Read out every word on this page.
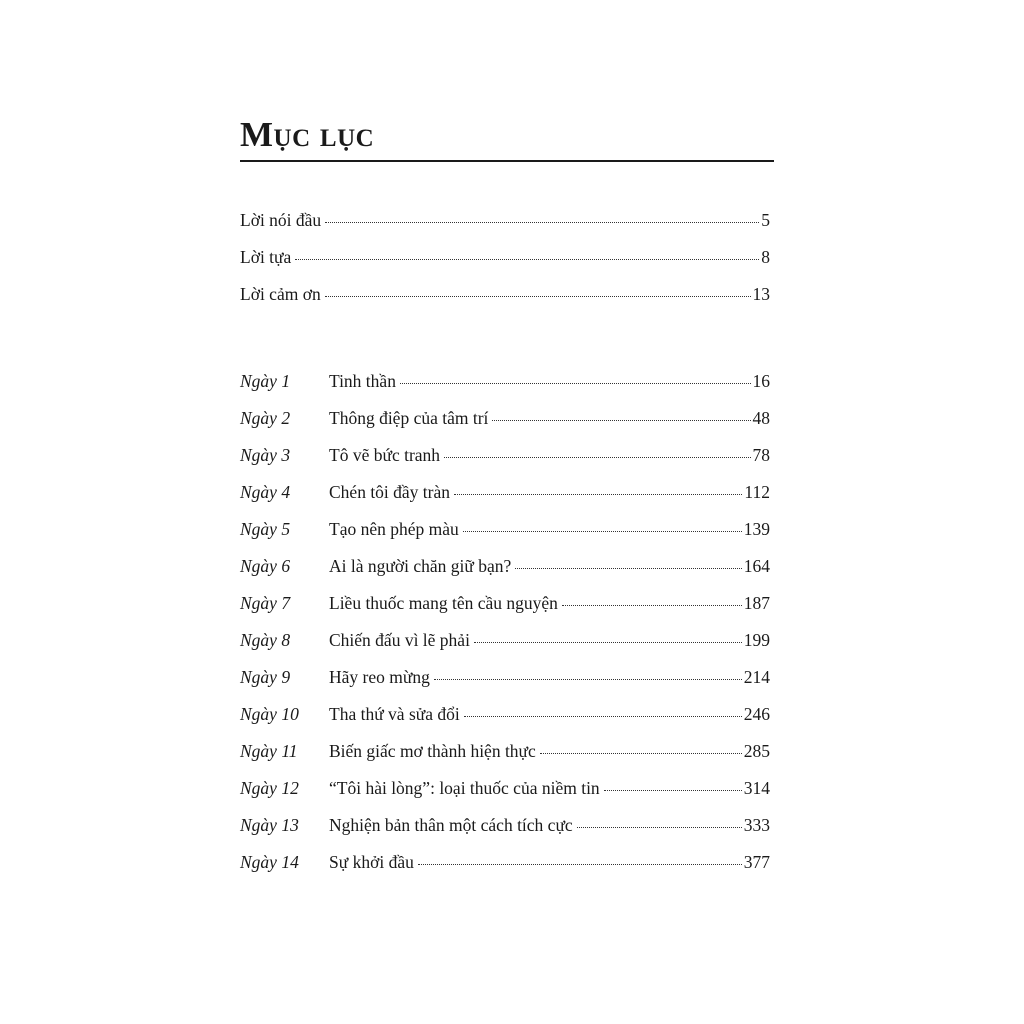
Mục lục
Lời nói đầu	5
Lời tựa	8
Lời cảm ơn	13
Ngày 1	Tinh thần	16
Ngày 2	Thông điệp của tâm trí	48
Ngày 3	Tô vẽ bức tranh	78
Ngày 4	Chén tôi đầy tràn	112
Ngày 5	Tạo nên phép màu	139
Ngày 6	Ai là người chăn giữ bạn?	164
Ngày 7	Liều thuốc mang tên cầu nguyện	187
Ngày 8	Chiến đấu vì lẽ phải	199
Ngày 9	Hãy reo mừng	214
Ngày 10	Tha thứ và sửa đổi	246
Ngày 11	Biến giấc mơ thành hiện thực	285
Ngày 12	“Tôi hài lòng”: loại thuốc của niềm tin	314
Ngày 13	Nghiện bản thân một cách tích cực	333
Ngày 14	Sự khởi đầu	377
